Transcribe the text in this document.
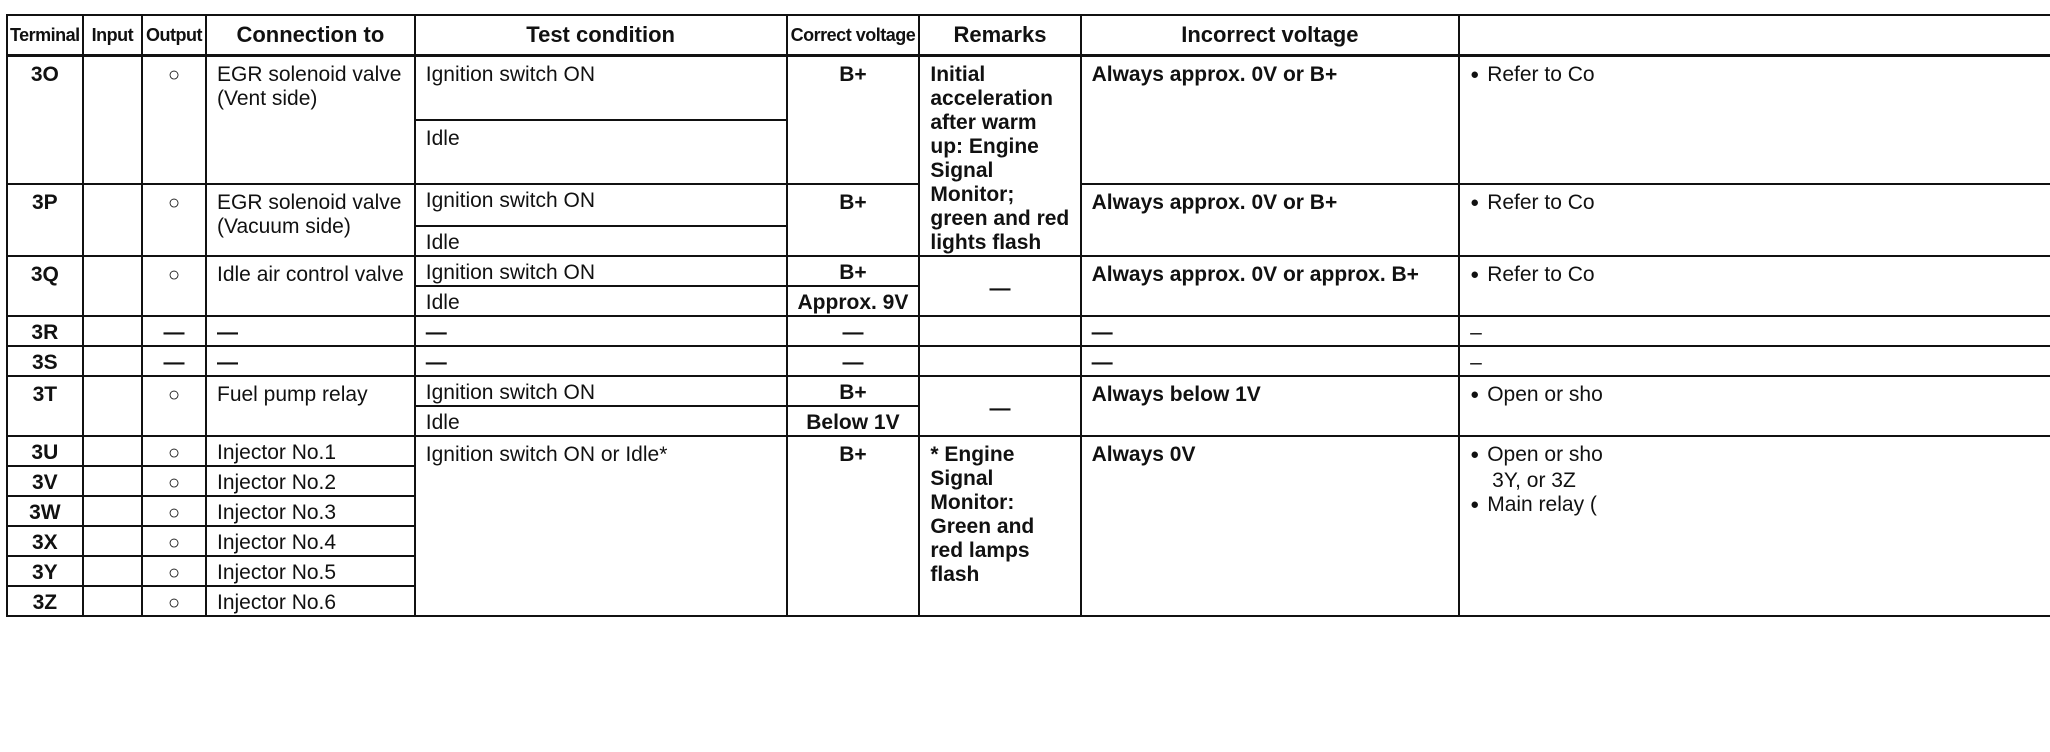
Terminal	Input	Output	Connection to	Test condition	Correct voltage	Remarks	Incorrect voltage	
3O		○	EGR solenoid valve (Vent side)	Ignition switch ON	B+	Initial acceleration after warm up: Engine Signal Monitor; green and red lights flash	Always approx. 0V or B+	● Refer to Co
				Idle				
3P		○	EGR solenoid valve (Vacuum side)	Ignition switch ON	B+		Always approx. 0V or B+	● Refer to Co
				Idle				
3Q		○	Idle air control valve	Ignition switch ON	B+	—	Always approx. 0V or approx. B+	● Refer to Co
				Idle	Approx. 9V			
3R		—	—	—	—		—	–
3S		—	—	—	—		—	–
3T		○	Fuel pump relay	Ignition switch ON	B+	—	Always below 1V	● Open or sho
				Idle	Below 1V			
3U		○	Injector No.1	Ignition switch ON or Idle*	B+	* Engine Signal Monitor: Green and red lamps flash	Always 0V	● Open or sho
3Y, or 3Z
● Main relay (
3V		○	Injector No.2					
3W		○	Injector No.3					
3X		○	Injector No.4					
3Y		○	Injector No.5					
3Z		○	Injector No.6					
